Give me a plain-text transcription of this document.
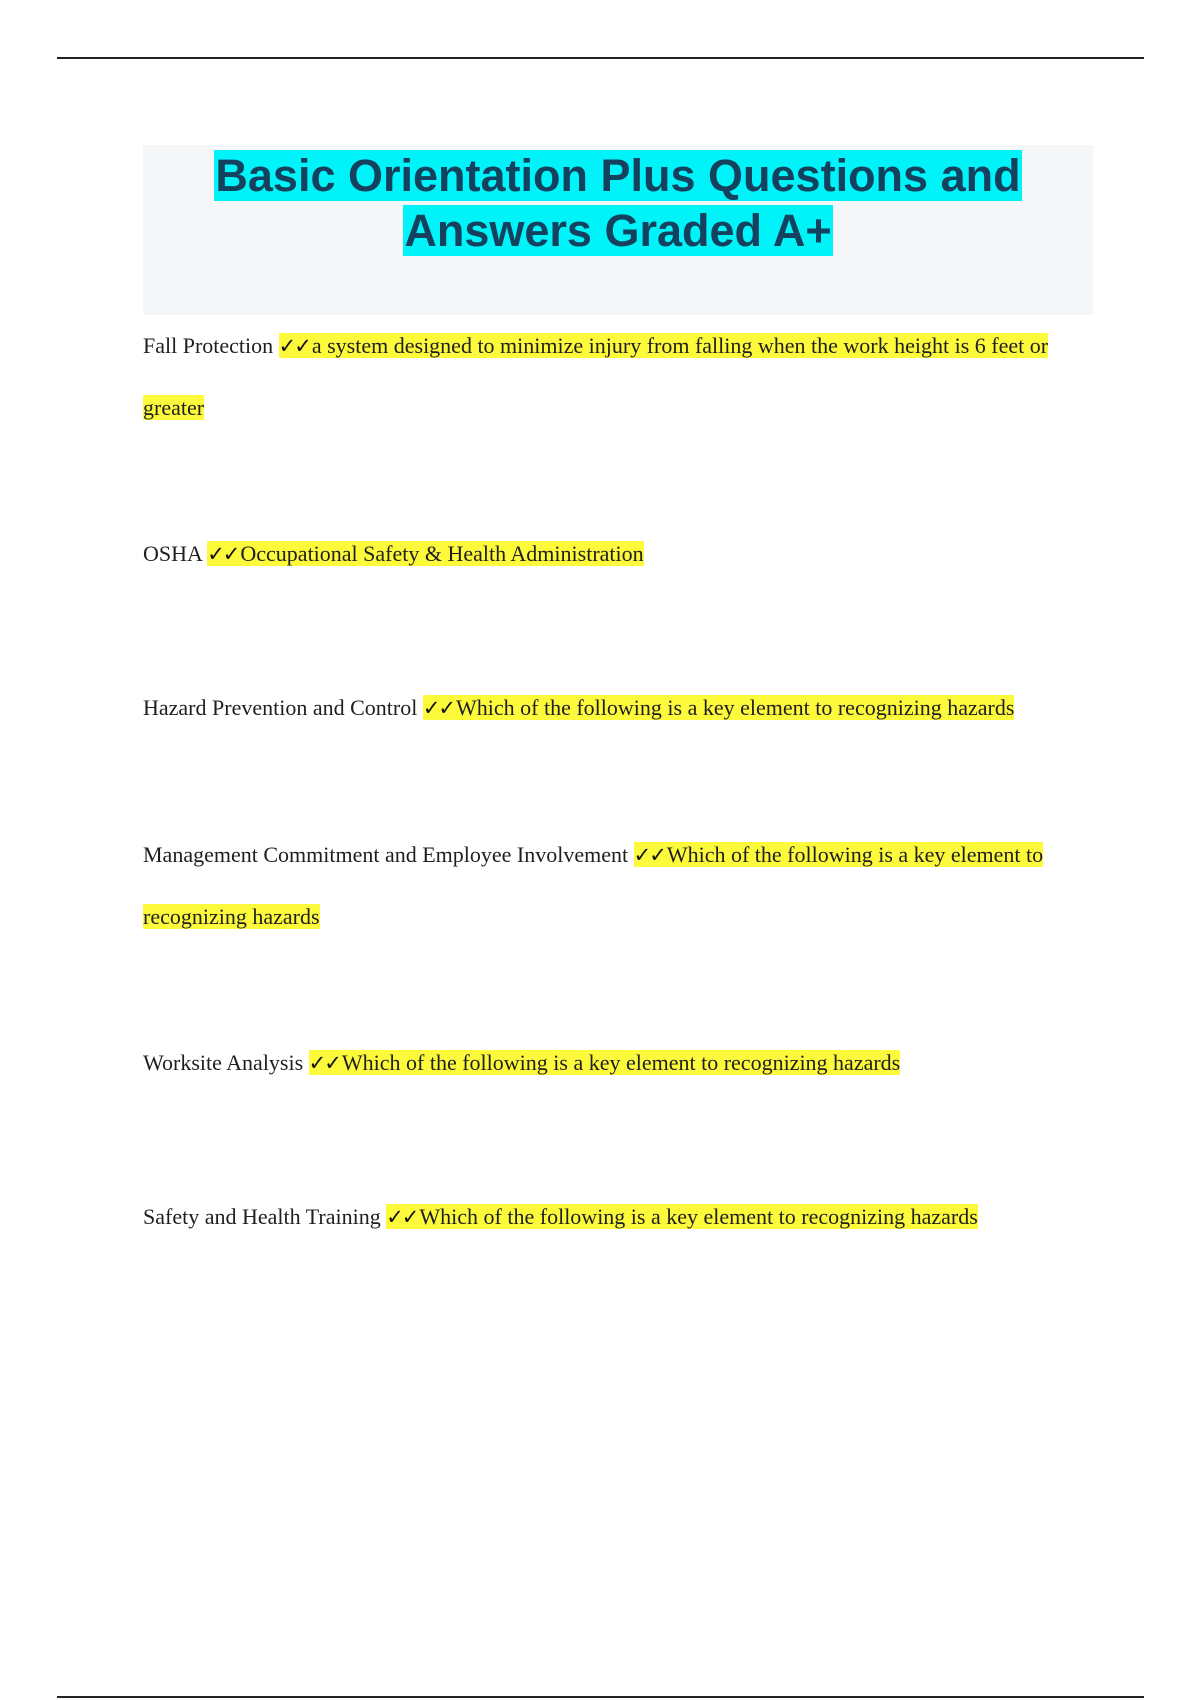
Basic Orientation Plus Questions and Answers Graded A+

Fall Protection ✓✓a system designed to minimize injury from falling when the work height is 6 feet or greater

OSHA ✓✓Occupational Safety & Health Administration

Hazard Prevention and Control ✓✓Which of the following is a key element to recognizing hazards

Management Commitment and Employee Involvement ✓✓Which of the following is a key element to recognizing hazards

Worksite Analysis ✓✓Which of the following is a key element to recognizing hazards

Safety and Health Training ✓✓Which of the following is a key element to recognizing hazards
